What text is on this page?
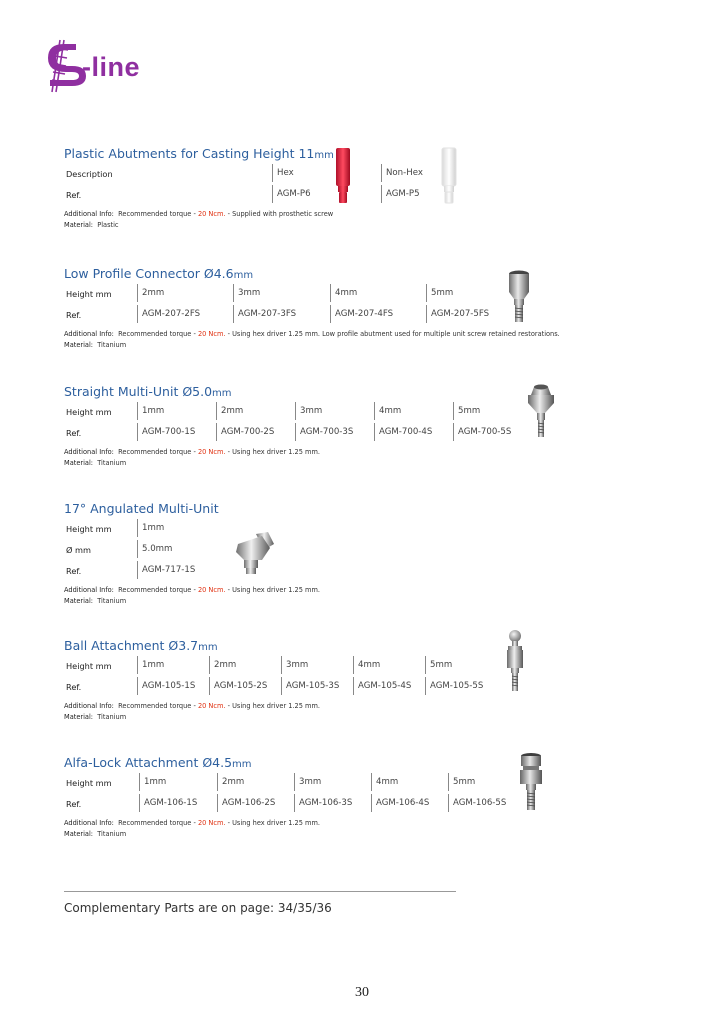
-line
Plastic Abutments for Casting Height 11mm
Description	Hex	Non-Hex
Ref.	AGM-P6	AGM-P5
Additional Info: Recommended torque - 20 Ncm. - Supplied with prosthetic screw
Material: Plastic
Low Profile Connector Ø4.6mm
Height mm	2mm	3mm	4mm	5mm
Ref.	AGM-207-2FS	AGM-207-3FS	AGM-207-4FS	AGM-207-5FS
Additional Info: Recommended torque - 20 Ncm. - Using hex driver 1.25 mm. Low profile abutment used for multiple unit screw retained restorations.
Material: Titanium
Straight Multi-Unit Ø5.0mm
Height mm	1mm	2mm	3mm	4mm	5mm
Ref.	AGM-700-1S	AGM-700-2S	AGM-700-3S	AGM-700-4S	AGM-700-5S
Additional Info: Recommended torque - 20 Ncm. - Using hex driver 1.25 mm.
Material: Titanium
17° Angulated Multi-Unit
Height mm	1mm
Ø mm	5.0mm
Ref.	AGM-717-1S
Additional Info: Recommended torque - 20 Ncm. - Using hex driver 1.25 mm.
Material: Titanium
Ball Attachment Ø3.7mm
Height mm	1mm	2mm	3mm	4mm	5mm
Ref.	AGM-105-1S	AGM-105-2S	AGM-105-3S	AGM-105-4S	AGM-105-5S
Additional Info: Recommended torque - 20 Ncm. - Using hex driver 1.25 mm.
Material: Titanium
Alfa-Lock Attachment Ø4.5mm
Height mm	1mm	2mm	3mm	4mm	5mm
Ref.	AGM-106-1S	AGM-106-2S	AGM-106-3S	AGM-106-4S	AGM-106-5S
Additional Info: Recommended torque - 20 Ncm. - Using hex driver 1.25 mm.
Material: Titanium
Complementary Parts are on page: 34/35/36
30
